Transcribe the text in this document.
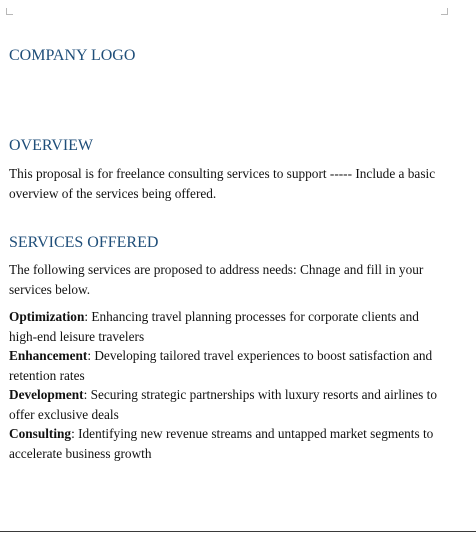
COMPANY LOGO
OVERVIEW

This proposal is for freelance consulting services to support ----- Include a basic overview of the services being offered.

SERVICES OFFERED

The following services are proposed to address needs: Chnage and fill in your services below.

Optimization: Enhancing travel planning processes for corporate clients and high-end leisure travelers
Enhancement: Developing tailored travel experiences to boost satisfaction and retention rates
Development: Securing strategic partnerships with luxury resorts and airlines to offer exclusive deals
Consulting: Identifying new revenue streams and untapped market segments to accelerate business growth
